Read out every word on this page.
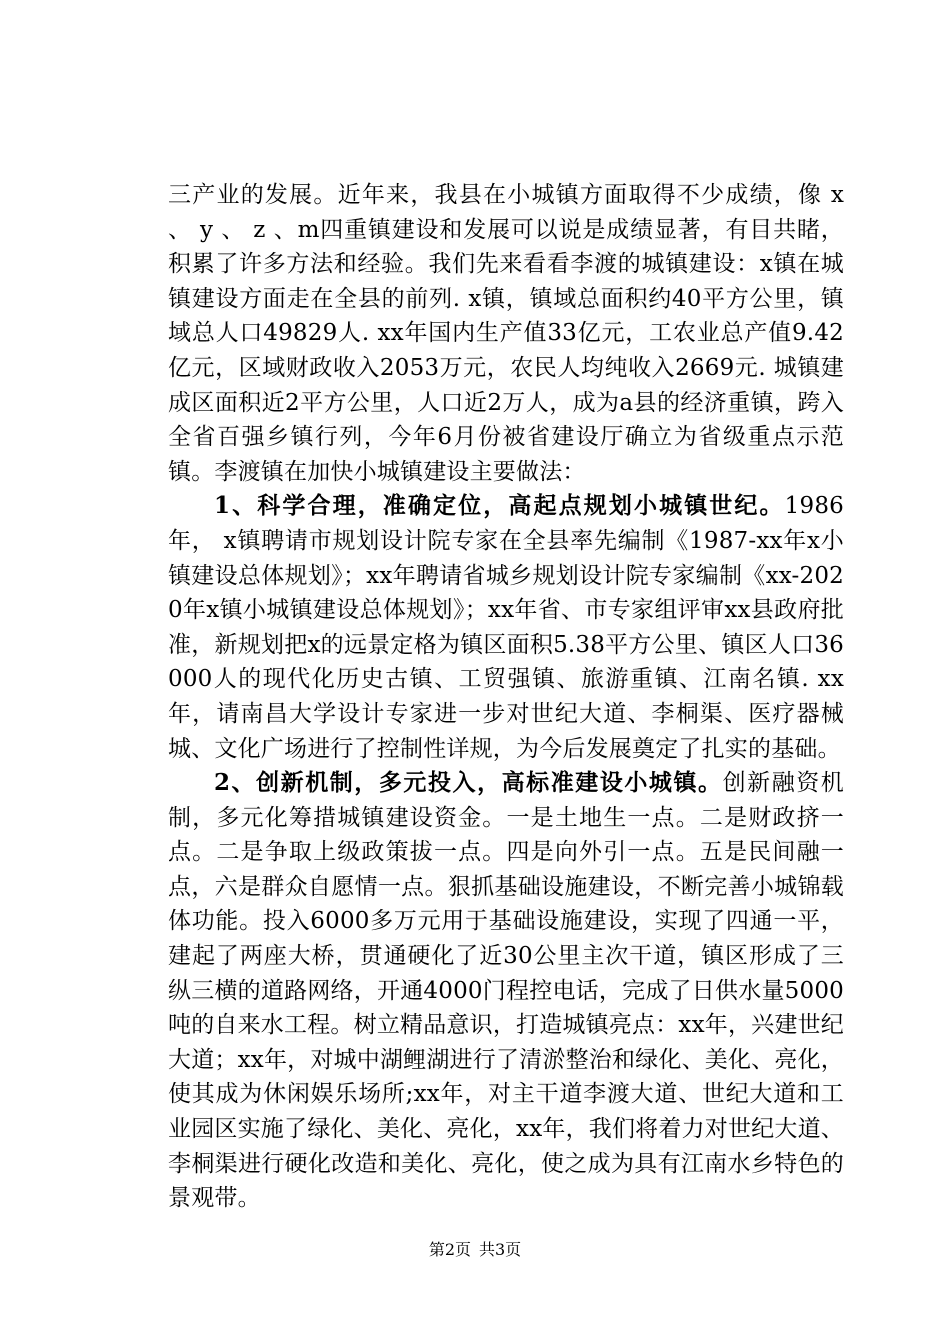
三产业的发展。近年来，我县在小城镇方面取得不少成绩，像 x 、 y 、 z 、m四重镇建设和发展可以说是成绩显著，有目共睹，积累了许多方法和经验。我们先来看看李渡的城镇建设：x镇在城镇建设方面走在全县的前列. x镇，镇域总面积约40平方公里，镇域总人口49829人. xx年国内生产值33亿元，工农业总产值9.42亿元，区域财政收入2053万元，农民人均纯收入2669元. 城镇建成区面积近2平方公里，人口近2万人，成为a县的经济重镇，跨入全省百强乡镇行列，今年6月份被省建设厅确立为省级重点示范镇。李渡镇在加快小城镇建设主要做法：

1、科学合理，准确定位，高起点规划小城镇世纪。1986年， x镇聘请市规划设计院专家在全县率先编制《1987-xx年x小镇建设总体规划》；xx年聘请省城乡规划设计院专家编制《xx-2020年x镇小城镇建设总体规划》；xx年省、市专家组评审xx县政府批准，新规划把x的远景定格为镇区面积5.38平方公里、镇区人口36000人的现代化历史古镇、工贸强镇、旅游重镇、江南名镇. xx年，请南昌大学设计专家进一步对世纪大道、李桐渠、医疗器械城、文化广场进行了控制性详规，为今后发展奠定了扎实的基础。

2、创新机制，多元投入，高标准建设小城镇。创新融资机制，多元化筹措城镇建设资金。一是土地生一点。二是财政挤一点。二是争取上级政策拔一点。四是向外引一点。五是民间融一点，六是群众自愿情一点。狠抓基础设施建设，不断完善小城锦载体功能。投入6000多万元用于基础设施建设，实现了四通一平，建起了两座大桥，贯通硬化了近30公里主次干道，镇区形成了三纵三横的道路网络，开通4000门程控电话，完成了日供水量5000吨的自来水工程。树立精品意识，打造城镇亮点：xx年，兴建世纪大道；xx年，对城中湖鲤湖进行了清淤整治和绿化、美化、亮化，使其成为休闲娱乐场所;xx年，对主干道李渡大道、世纪大道和工业园区实施了绿化、美化、亮化，xx年，我们将着力对世纪大道、李桐渠进行硬化改造和美化、亮化，使之成为具有江南水乡特色的景观带。

第2页 共3页
